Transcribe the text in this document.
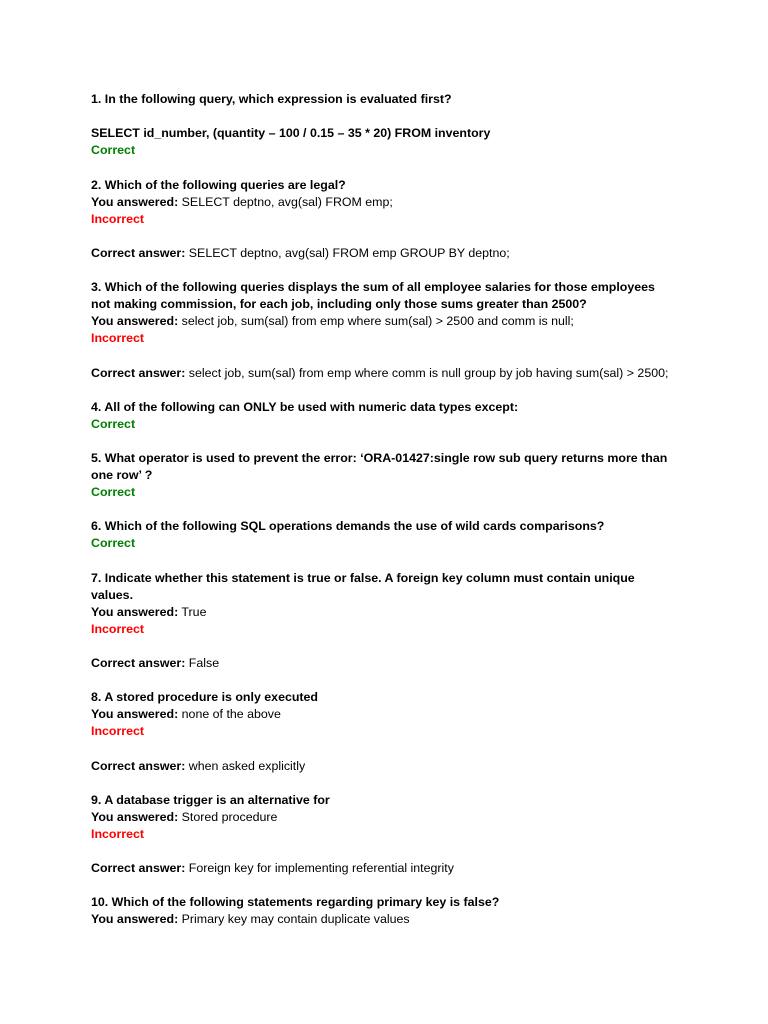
1. In the following query, which expression is evaluated first?
SELECT id_number, (quantity – 100 / 0.15 – 35 * 20) FROM inventory
Correct
2. Which of the following queries are legal?
You answered: SELECT deptno, avg(sal) FROM emp;
Incorrect
Correct answer: SELECT deptno, avg(sal) FROM emp GROUP BY deptno;
3. Which of the following queries displays the sum of all employee salaries for those employees
not making commission, for each job, including only those sums greater than 2500?
You answered: select job, sum(sal) from emp where sum(sal) > 2500 and comm is null;
Incorrect
Correct answer: select job, sum(sal) from emp where comm is null group by job having sum(sal) > 2500;
4. All of the following can ONLY be used with numeric data types except:
Correct
5. What operator is used to prevent the error: ‘ORA-01427:single row sub query returns more than
one row’ ?
Correct
6. Which of the following SQL operations demands the use of wild cards comparisons?
Correct
7. Indicate whether this statement is true or false. A foreign key column must contain unique
values.
You answered: True
Incorrect
Correct answer: False
8. A stored procedure is only executed
You answered: none of the above
Incorrect
Correct answer: when asked explicitly
9. A database trigger is an alternative for
You answered: Stored procedure
Incorrect
Correct answer: Foreign key for implementing referential integrity
10. Which of the following statements regarding primary key is false?
You answered: Primary key may contain duplicate values
